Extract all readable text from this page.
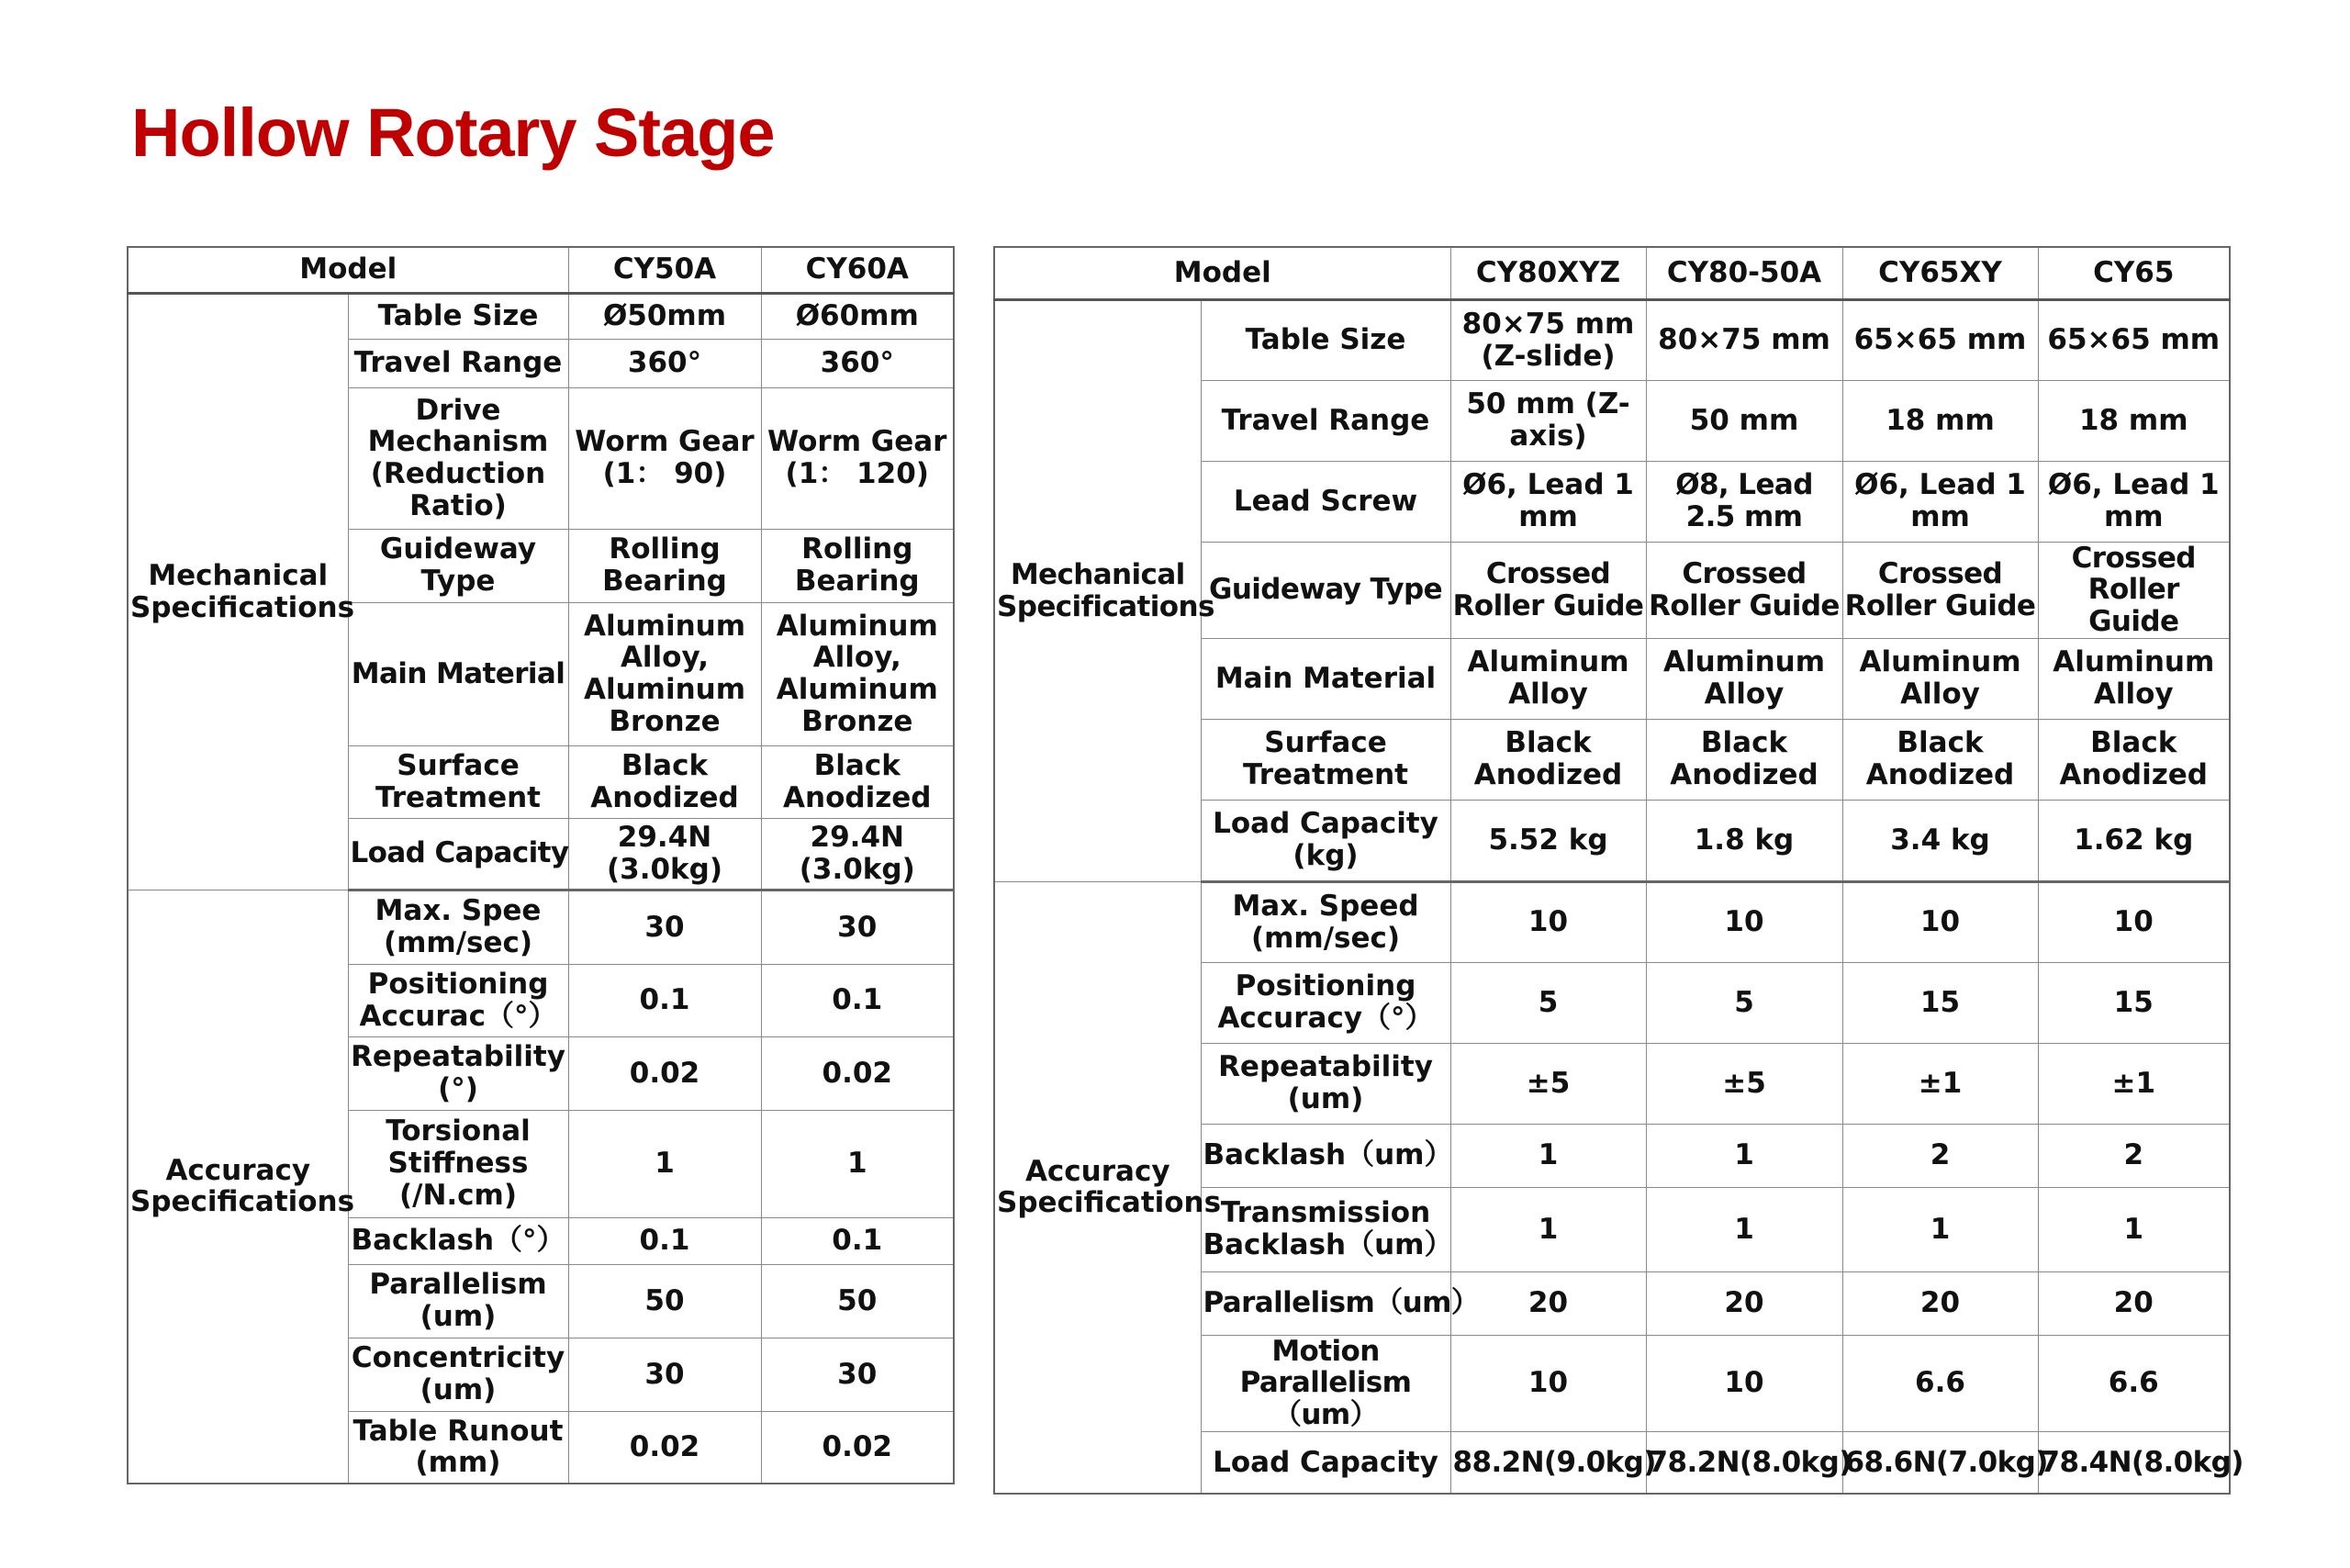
Hollow Rotary Stage
Model		CY50A	CY60A
Mechanical Specifications	Table Size	Ø50mm	Ø60mm
	Travel Range	360°	360°
	Drive Mechanism (Reduction Ratio)	Worm Gear (1： 90)	Worm Gear (1： 120)
	Guideway Type	Rolling Bearing	Rolling Bearing
	Main Material	Aluminum Alloy, Aluminum Bronze	Aluminum Alloy, Aluminum Bronze
	Surface Treatment	Black Anodized	Black Anodized
	Load Capacity	29.4N (3.0kg)	29.4N (3.0kg)
Accuracy Specifications	Max. Spee (mm/sec)	30	30
	Positioning Accurac（°）	0.1	0.1
	Repeatability (°)	0.02	0.02
	Torsional Stiffness (/N.cm)	1	1
	Backlash（°）	0.1	0.1
	Parallelism (um)	50	50
	Concentricity (um)	30	30
	Table Runout (mm)	0.02	0.02
Model		CY80XYZ	CY80-50A	CY65XY	CY65
Mechanical Specifications	Table Size	80×75 mm (Z-slide)	80×75 mm	65×65 mm	65×65 mm
	Travel Range	50 mm (Z-axis)	50 mm	18 mm	18 mm
	Lead Screw	Ø6, Lead 1 mm	Ø8, Lead 2.5 mm	Ø6, Lead 1 mm	Ø6, Lead 1 mm
	Guideway Type	Crossed Roller Guide	Crossed Roller Guide	Crossed Roller Guide	Crossed Roller Guide
	Main Material	Aluminum Alloy	Aluminum Alloy	Aluminum Alloy	Aluminum Alloy
	Surface Treatment	Black Anodized	Black Anodized	Black Anodized	Black Anodized
	Load Capacity (kg)	5.52 kg	1.8 kg	3.4 kg	1.62 kg
Accuracy Specifications	Max. Speed (mm/sec)	10	10	10	10
	Positioning Accuracy（°）	5	5	15	15
	Repeatability (um)	±5	±5	±1	±1
	Backlash（um）	1	1	2	2
	Transmission Backlash（um）	1	1	1	1
	Parallelism（um）	20	20	20	20
	Motion Parallelism（um）	10	10	6.6	6.6
	Load Capacity	88.2N(9.0kg)	78.2N(8.0kg)	68.6N(7.0kg)	78.4N(8.0kg)
